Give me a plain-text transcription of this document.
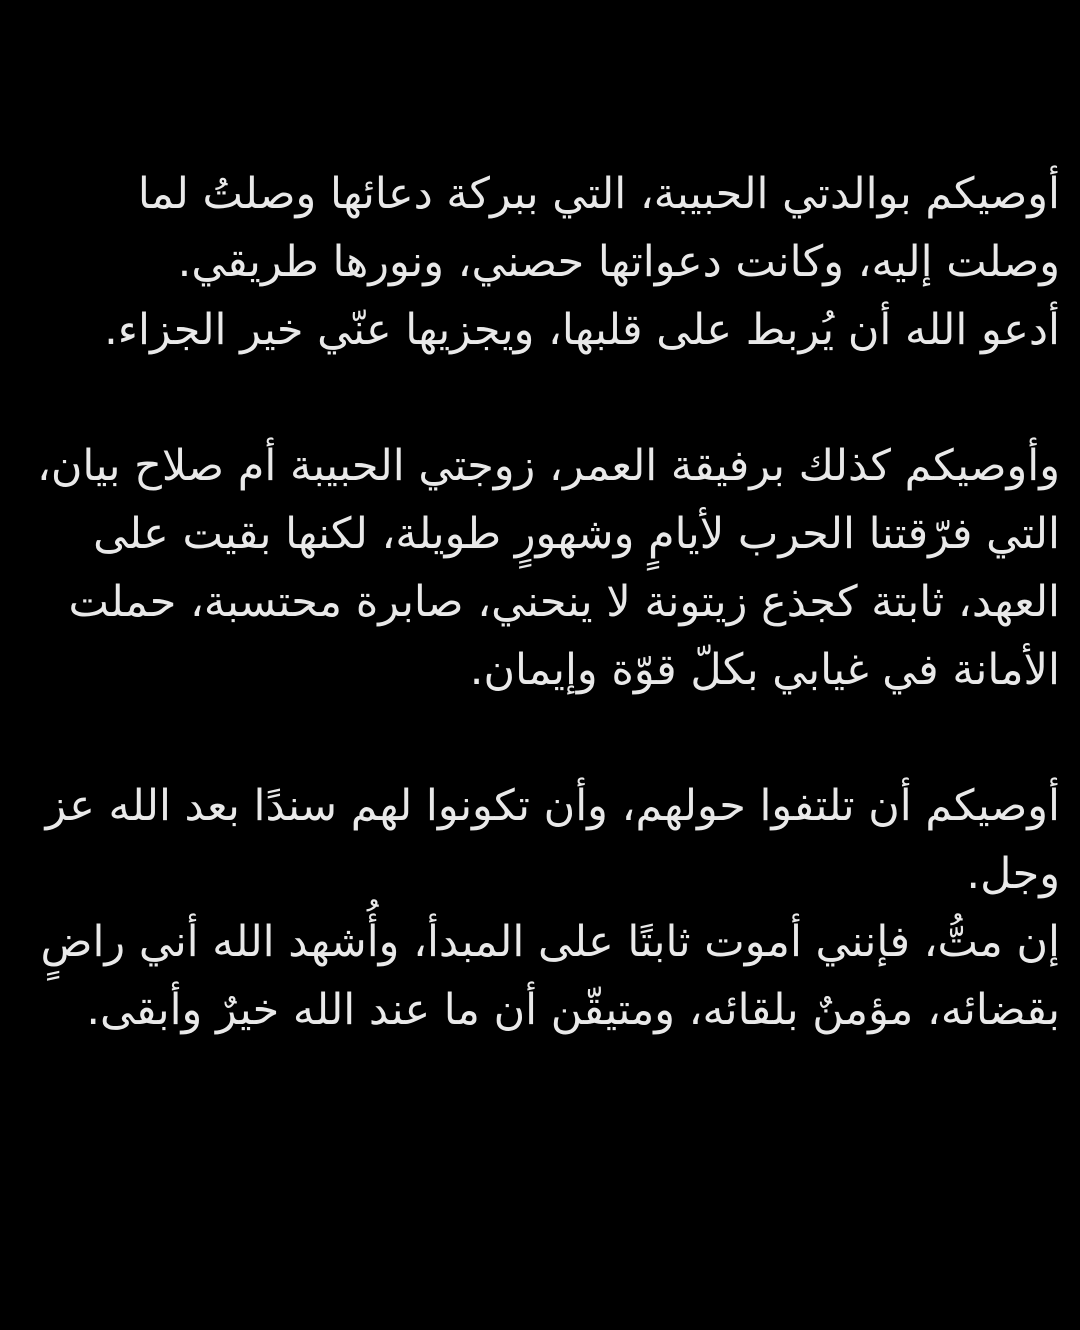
أوصيكم بوالدتي الحبيبة، التي ببركة دعائها وصلتُ لما
وصلت إليه، وكانت دعواتها حصني، ونورها طريقي.
أدعو الله أن يُربط على قلبها، ويجزيها عنّي خير الجزاء.
وأوصيكم كذلك برفيقة العمر، زوجتي الحبيبة أم صلاح بيان،
التي فرّقتنا الحرب لأيامٍ وشهورٍ طويلة، لكنها بقيت على
العهد، ثابتة كجذع زيتونة لا ينحني، صابرة محتسبة، حملت
الأمانة في غيابي بكلّ قوّة وإيمان.
أوصيكم أن تلتفوا حولهم، وأن تكونوا لهم سندًا بعد الله عز
وجل.
إن متُّ، فإنني أموت ثابتًا على المبدأ، وأُشهد الله أني راضٍ
بقضائه، مؤمنٌ بلقائه، ومتيقّن أن ما عند الله خيرٌ وأبقى.
